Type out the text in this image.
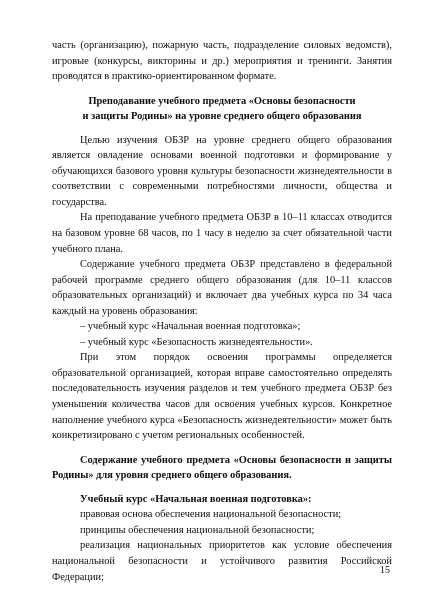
часть (организацию), пожарную часть, подразделение силовых ведомств), игровые (конкурсы, викторины и др.) мероприятия и тренинги. Занятия проводятся в практико-ориентированном формате.

Преподавание учебного предмета «Основы безопасности

и защиты Родины» на уровне среднего общего образования

Целью изучения ОБЗР на уровне среднего общего образования является овладение основами военной подготовки и формирование у обучающихся базового уровня культуры безопасности жизнедеятельности в соответствии с современными потребностями личности, общества и государства.

На преподавание учебного предмета ОБЗР в 10–11 классах отводится на базовом уровне 68 часов, по 1 часу в неделю за счет обязательной части учебного плана.

Содержание учебного предмета ОБЗР представлено в федеральной рабочей программе среднего общего образования (для 10–11 классов образовательных организаций) и включает два учебных курса по 34 часа каждый на уровень образования:

– учебный курс «Начальная военная подготовка»;

– учебный курс «Безопасность жизнедеятельности».

При этом порядок освоения программы определяется образовательной организацией, которая вправе самостоятельно определять последовательность изучения разделов и тем учебного предмета ОБЗР без уменьшения количества часов для освоения учебных курсов. Конкретное наполнение учебного курса «Безопасность жизнедеятельности» может быть конкретизировано с учетом региональных особенностей.

Содержание учебного предмета «Основы безопасности и защиты Родины» для уровня среднего общего образования.

Учебный курс «Начальная военная подготовка»:

правовая основа обеспечения национальной безопасности;

принципы обеспечения национальной безопасности;

реализация национальных приоритетов как условие обеспечения национальной безопасности и устойчивого развития Российской Федерации;

15
